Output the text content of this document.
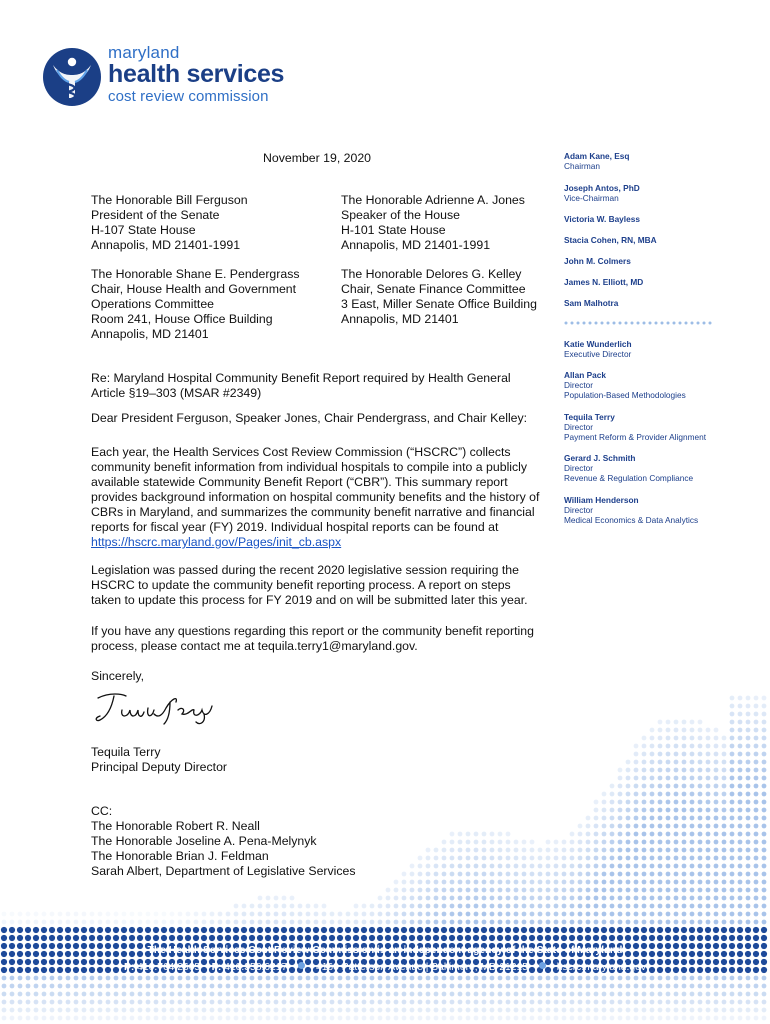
maryland
health services
cost review commission
November 19, 2020
The Honorable Bill Ferguson
President of the Senate
H-107 State House
Annapolis, MD 21401-1991
The Honorable Adrienne A. Jones
Speaker of the House
H-101 State House
Annapolis, MD 21401-1991
The Honorable Shane E. Pendergrass
Chair, House Health and Government
Operations Committee
Room 241, House Office Building
Annapolis, MD 21401
The Honorable Delores G. Kelley
Chair, Senate Finance Committee
3 East, Miller Senate Office Building
Annapolis, MD 21401
Re: Maryland Hospital Community Benefit Report required by Health General Article §19–303 (MSAR #2349)
Dear President Ferguson, Speaker Jones, Chair Pendergrass, and Chair Kelley:
Each year, the Health Services Cost Review Commission (“HSCRC”) collects community benefit information from individual hospitals to compile into a publicly available statewide Community Benefit Report (“CBR”). This summary report provides background information on hospital community benefits and the history of CBRs in Maryland, and summarizes the community benefit narrative and financial reports for fiscal year (FY) 2019. Individual hospital reports can be found at https://hscrc.maryland.gov/Pages/init_cb.aspx
Legislation was passed during the recent 2020 legislative session requiring the HSCRC to update the community benefit reporting process. A report on steps taken to update this process for FY 2019 and on will be submitted later this year.
If you have any questions regarding this report or the community benefit reporting process, please contact me at tequila.terry1@maryland.gov.
Sincerely,
Tequila Terry
Principal Deputy Director
CC:
The Honorable Robert R. Neall
The Honorable Joseline A. Pena-Melynyk
The Honorable Brian J. Feldman
Sarah Albert, Department of Legislative Services
Adam Kane, Esq
Chairman
Joseph Antos, PhD
Vice-Chairman
Victoria W. Bayless
Stacia Cohen, RN, MBA
John M. Colmers
James N. Elliott, MD
Sam Malhotra
Katie Wunderlich
Executive Director
Allan Pack
Director
Population-Based Methodologies
Tequila Terry
Director
Payment Reform & Provider Alignment
Gerard J. Schmith
Director
Revenue & Regulation Compliance
William Henderson
Director
Medical Economics & Data Analytics
The Health Services Cost Review Commission is an independent agency of the State of Maryland
P: 410.764.2605 F: 410.358.6217	4160 Patterson Avenue | Baltimore, MD 21215	hscrc.maryland.gov
